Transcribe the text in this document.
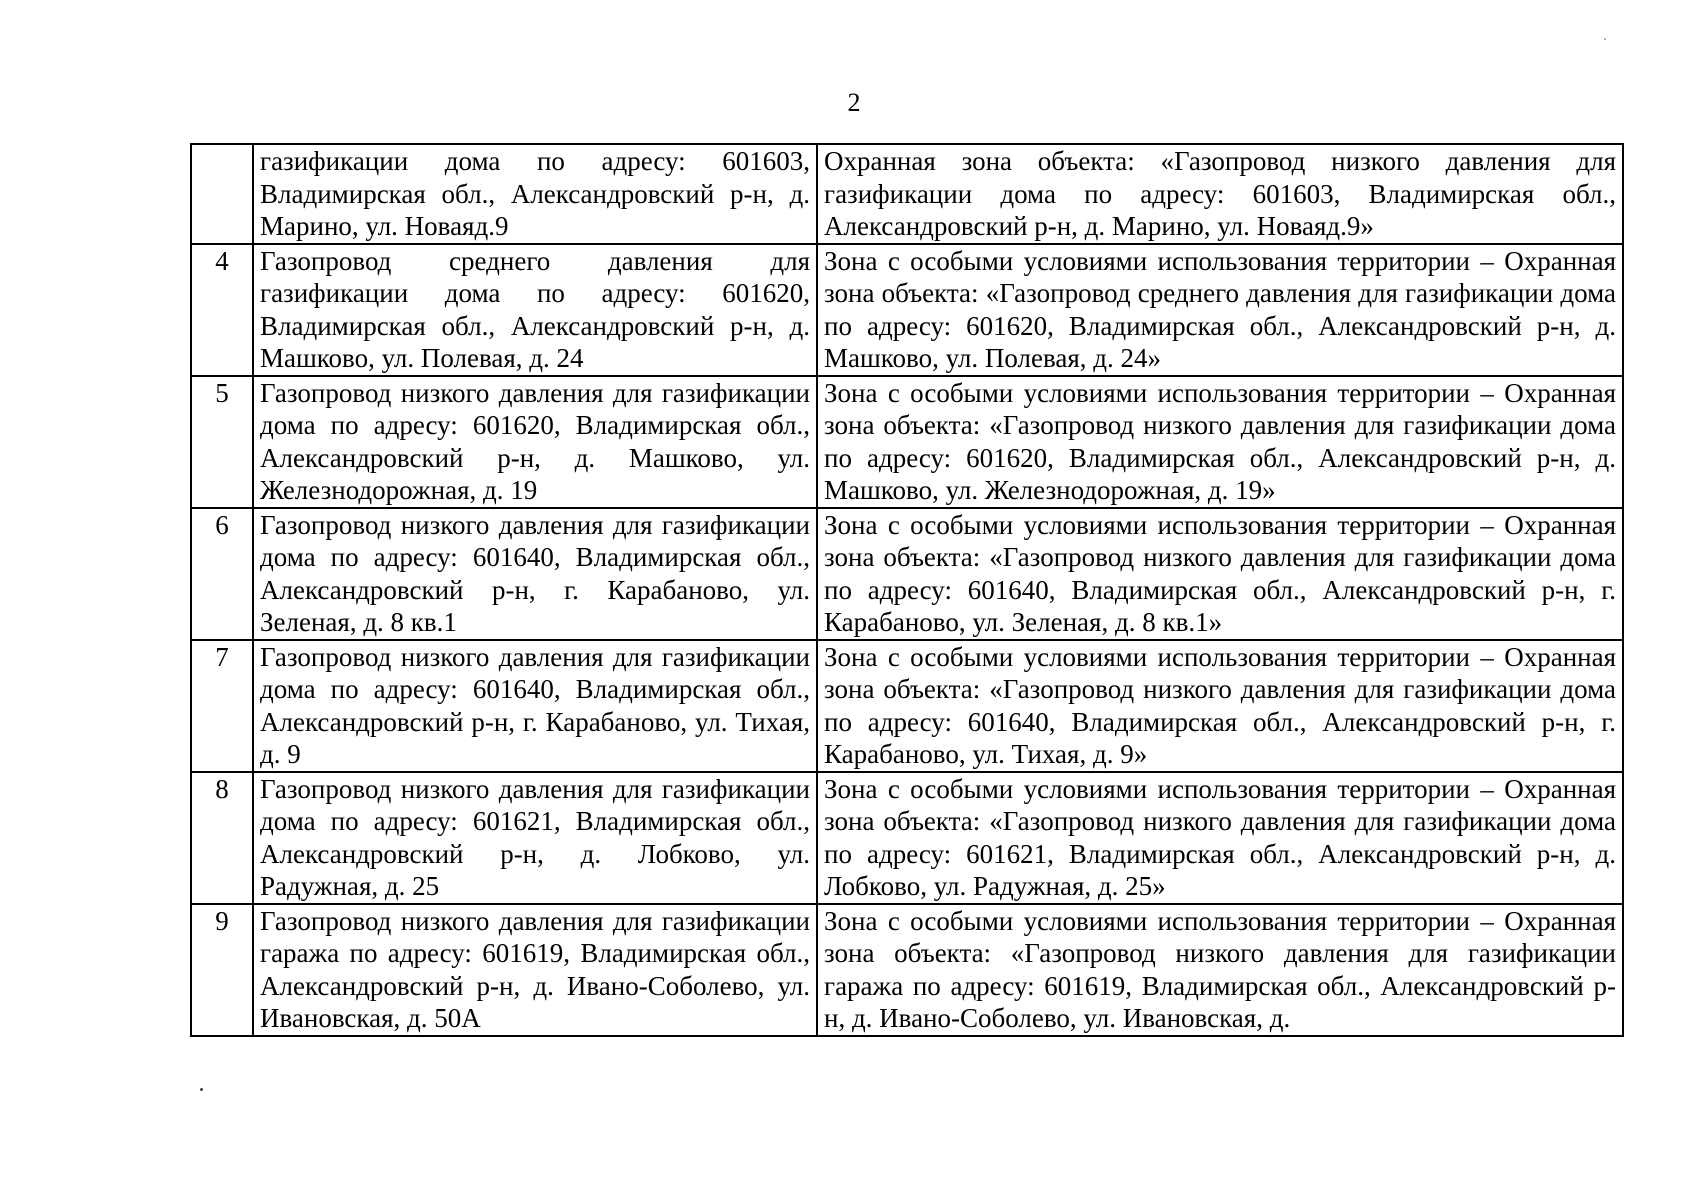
2
	газификации дома по адресу: 601603, Владимирская обл., Александровский р-н, д. Марино, ул. Новаяд.9	Охранная зона объекта: «Газопровод низкого давления для газификации дома по адресу: 601603, Владимирская обл., Александровский р-н, д. Марино, ул. Новаяд.9»
4	Газопровод среднего давления для газификации дома по адресу: 601620, Владимирская обл., Александровский р-н, д. Машково, ул. Полевая, д. 24	Зона с особыми условиями использования территории – Охранная зона объекта: «Газопровод среднего давления для газификации дома по адресу: 601620, Владимирская обл., Александровский р-н, д. Машково, ул. Полевая, д. 24»
5	Газопровод низкого давления для газификации дома по адресу: 601620, Владимирская обл., Александровский р-н, д. Машково, ул. Железнодорожная, д. 19	Зона с особыми условиями использования территории – Охранная зона объекта: «Газопровод низкого давления для газификации дома по адресу: 601620, Владимирская обл., Александровский р-н, д. Машково, ул. Железнодорожная, д. 19»
6	Газопровод низкого давления для газификации дома по адресу: 601640, Владимирская обл., Александровский р-н, г. Карабаново, ул. Зеленая, д. 8 кв.1	Зона с особыми условиями использования территории – Охранная зона объекта: «Газопровод низкого давления для газификации дома по адресу: 601640, Владимирская обл., Александровский р-н, г. Карабаново, ул. Зеленая, д. 8 кв.1»
7	Газопровод низкого давления для газификации дома по адресу: 601640, Владимирская обл., Александровский р-н, г. Карабаново, ул. Тихая, д. 9	Зона с особыми условиями использования территории – Охранная зона объекта: «Газопровод низкого давления для газификации дома по адресу: 601640, Владимирская обл., Александровский р-н, г. Карабаново, ул. Тихая, д. 9»
8	Газопровод низкого давления для газификации дома по адресу: 601621, Владимирская обл., Александровский р-н, д. Лобково, ул. Радужная, д. 25	Зона с особыми условиями использования территории – Охранная зона объекта: «Газопровод низкого давления для газификации дома по адресу: 601621, Владимирская обл., Александровский р-н, д. Лобково, ул. Радужная, д. 25»
9	Газопровод низкого давления для газификации гаража по адресу: 601619, Владимирская обл., Александровский р-н, д. Ивано-Соболево, ул. Ивановская, д. 50А	Зона с особыми условиями использования территории – Охранная зона объекта: «Газопровод низкого давления для газификации гаража по адресу: 601619, Владимирская обл., Александровский р-н, д. Ивано-Соболево, ул. Ивановская, д.
